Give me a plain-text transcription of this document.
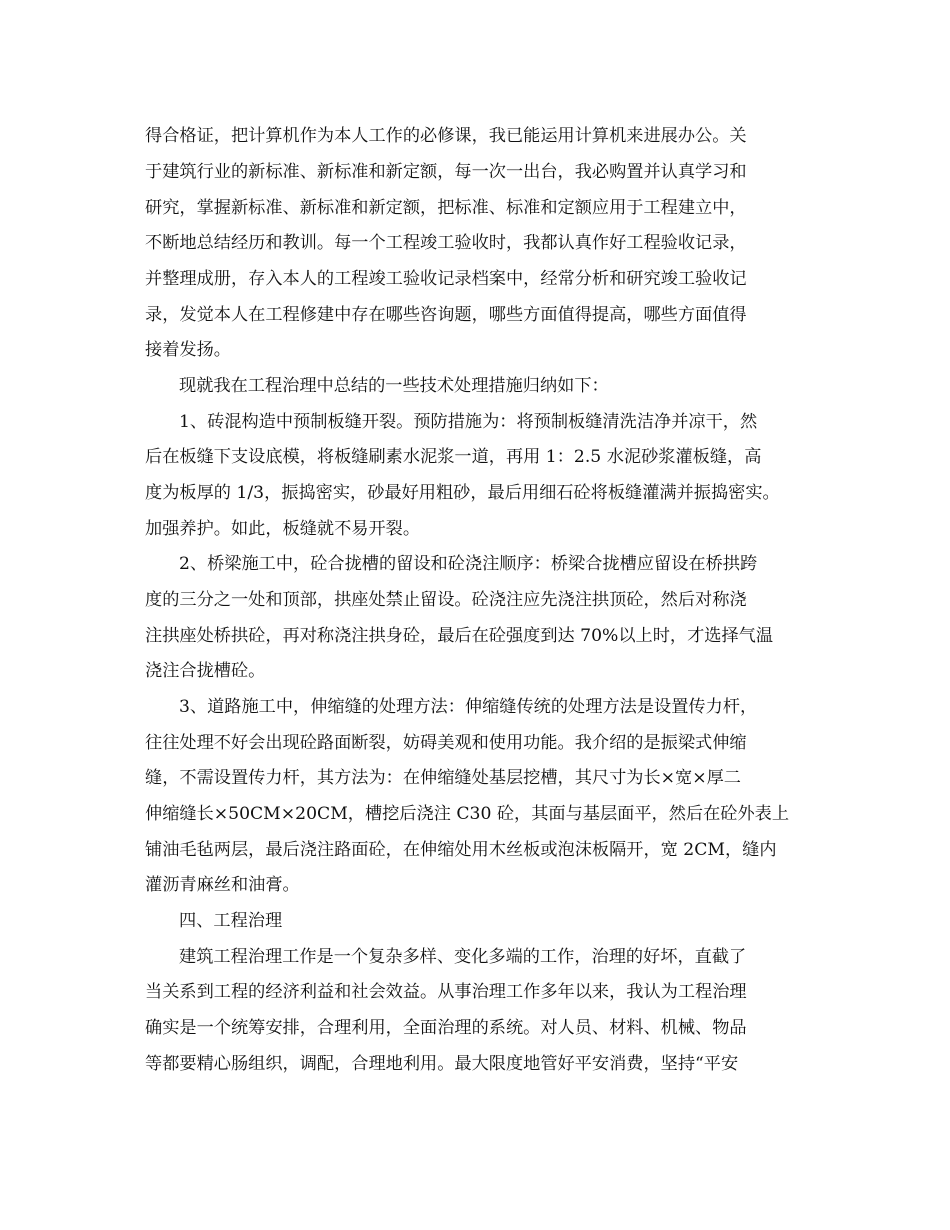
得合格证，把计算机作为本人工作的必修课，我已能运用计算机来进展办公。关
于建筑行业的新标准、新标准和新定额，每一次一出台，我必购置并认真学习和
研究，掌握新标准、新标准和新定额，把标准、标准和定额应用于工程建立中，
不断地总结经历和教训。每一个工程竣工验收时，我都认真作好工程验收记录，
并整理成册，存入本人的工程竣工验收记录档案中，经常分析和研究竣工验收记
录，发觉本人在工程修建中存在哪些咨询题，哪些方面值得提高，哪些方面值得
接着发扬。
现就我在工程治理中总结的一些技术处理措施归纳如下：
1、砖混构造中预制板缝开裂。预防措施为：将预制板缝清洗洁净并凉干，然
后在板缝下支设底模，将板缝刷素水泥浆一道，再用 1：2.5 水泥砂浆灌板缝，高
度为板厚的 1/3，振捣密实，砂最好用粗砂，最后用细石砼将板缝灌满并振捣密实。
加强养护。如此，板缝就不易开裂。
2、桥梁施工中，砼合拢槽的留设和砼浇注顺序：桥梁合拢槽应留设在桥拱跨
度的三分之一处和顶部，拱座处禁止留设。砼浇注应先浇注拱顶砼，然后对称浇
注拱座处桥拱砼，再对称浇注拱身砼，最后在砼强度到达 70%以上时，才选择气温
浇注合拢槽砼。
3、道路施工中，伸缩缝的处理方法：伸缩缝传统的处理方法是设置传力杆，
往往处理不好会出现砼路面断裂，妨碍美观和使用功能。我介绍的是振梁式伸缩
缝，不需设置传力杆，其方法为：在伸缩缝处基层挖槽，其尺寸为长×宽×厚二
伸缩缝长×50CM×20CM，槽挖后浇注 C30 砼，其面与基层面平，然后在砼外表上
铺油毛毡两层，最后浇注路面砼，在伸缩处用木丝板或泡沫板隔开，宽 2CM，缝内
灌沥青麻丝和油膏。
四、工程治理
建筑工程治理工作是一个复杂多样、变化多端的工作，治理的好坏，直截了
当关系到工程的经济利益和社会效益。从事治理工作多年以来，我认为工程治理
确实是一个统筹安排，合理利用，全面治理的系统。对人员、材料、机械、物品
等都要精心肠组织，调配，合理地利用。最大限度地管好平安消费，坚持“平安
